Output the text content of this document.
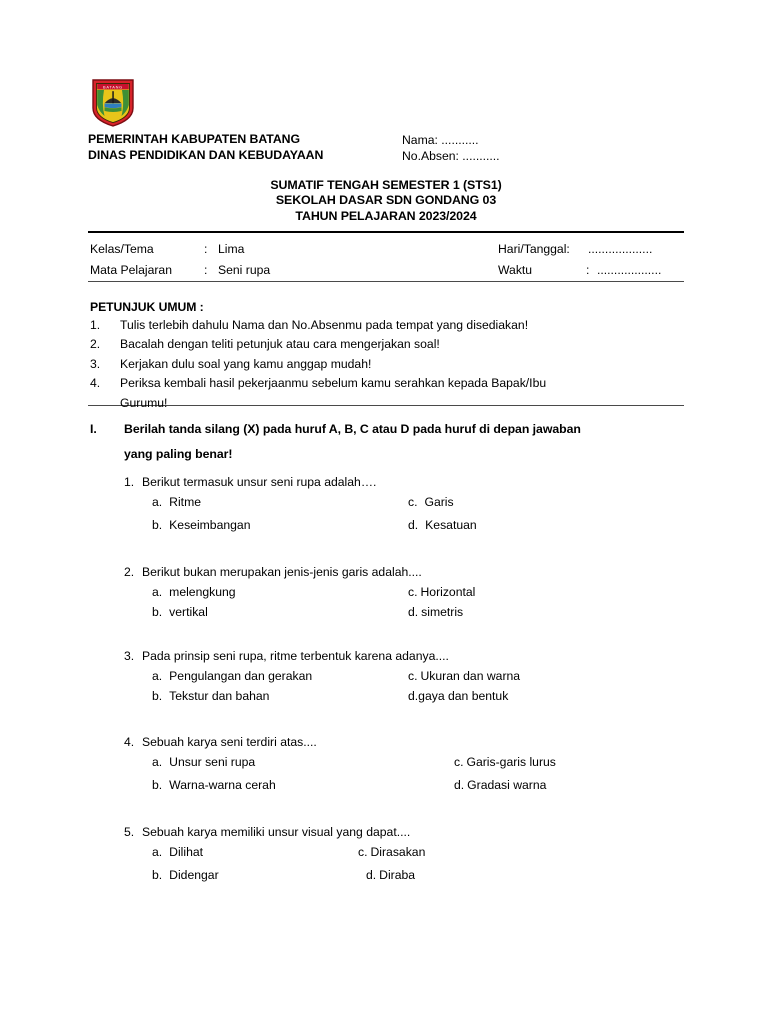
BATANG
PEMERINTAH KABUPATEN BATANG
DINAS PENDIDIKAN DAN KEBUDAYAAN
Nama: ...........
No.Absen: ...........
SUMATIF TENGAH SEMESTER 1 (STS1)
SEKOLAH DASAR SDN GONDANG 03
TAHUN PELAJARAN 2023/2024
Kelas/Tema	: Lima	Hari/Tanggal: ...................
Mata Pelajaran	: Seni rupa	Waktu	: ...................
PETUNJUK UMUM :
1. Tulis terlebih dahulu Nama dan No.Absenmu pada tempat yang disediakan!
2. Bacalah dengan teliti petunjuk atau cara mengerjakan soal!
3. Kerjakan dulu soal yang kamu anggap mudah!
4. Periksa kembali hasil pekerjaanmu sebelum kamu serahkan kepada Bapak/Ibu
Gurumu!
I. Berilah tanda silang (X) pada huruf A, B, C atau D pada huruf di depan jawaban
yang paling benar!
1. Berikut termasuk unsur seni rupa adalah….
a. Ritme	c. Garis
b. Keseimbangan	d. Kesatuan
2. Berikut bukan merupakan jenis-jenis garis adalah....
a. melengkung	c. Horizontal
b. vertikal	d. simetris
3. Pada prinsip seni rupa, ritme terbentuk karena adanya....
a. Pengulangan dan gerakan	c. Ukuran dan warna
b. Tekstur dan bahan	d.gaya dan bentuk
4. Sebuah karya seni terdiri atas....
a. Unsur seni rupa	c. Garis-garis lurus
b. Warna-warna cerah	d. Gradasi warna
5. Sebuah karya memiliki unsur visual yang dapat....
a. Dilihat	c. Dirasakan
b. Didengar	d. Diraba
